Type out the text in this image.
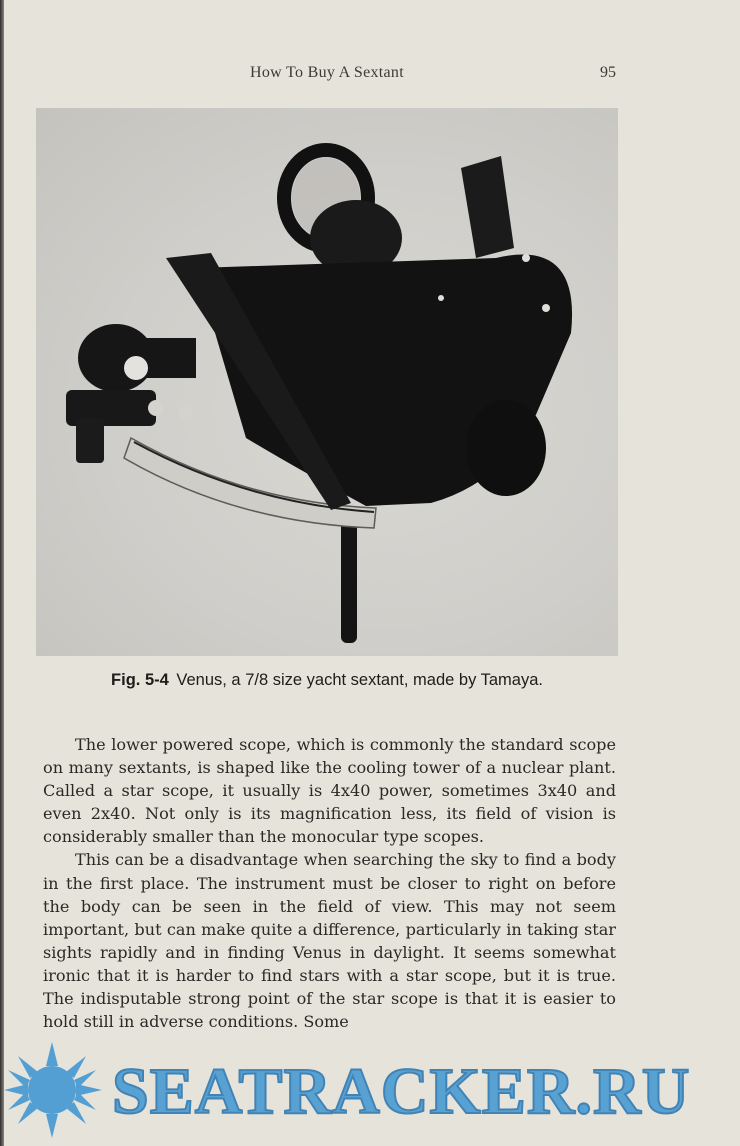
How To Buy A Sextant	95
Fig. 5-4 Venus, a 7/8 size yacht sextant, made by Tamaya.

The lower powered scope, which is commonly the standard scope on many sextants, is shaped like the cooling tower of a nuclear plant. Called a star scope, it usually is 4x40 power, sometimes 3x40 and even 2x40. Not only is its magnification less, its field of vision is considerably smaller than the monocular type scopes.

This can be a disadvantage when searching the sky to find a body in the first place. The instrument must be closer to right on before the body can be seen in the field of view. This may not seem important, but can make quite a difference, particularly in taking star sights rapidly and in finding Venus in daylight. It seems somewhat ironic that it is harder to find stars with a star scope, but it is true. The indisputable strong point of the star scope is that it is easier to hold still in adverse conditions. Some

SEATRACKER.RU
